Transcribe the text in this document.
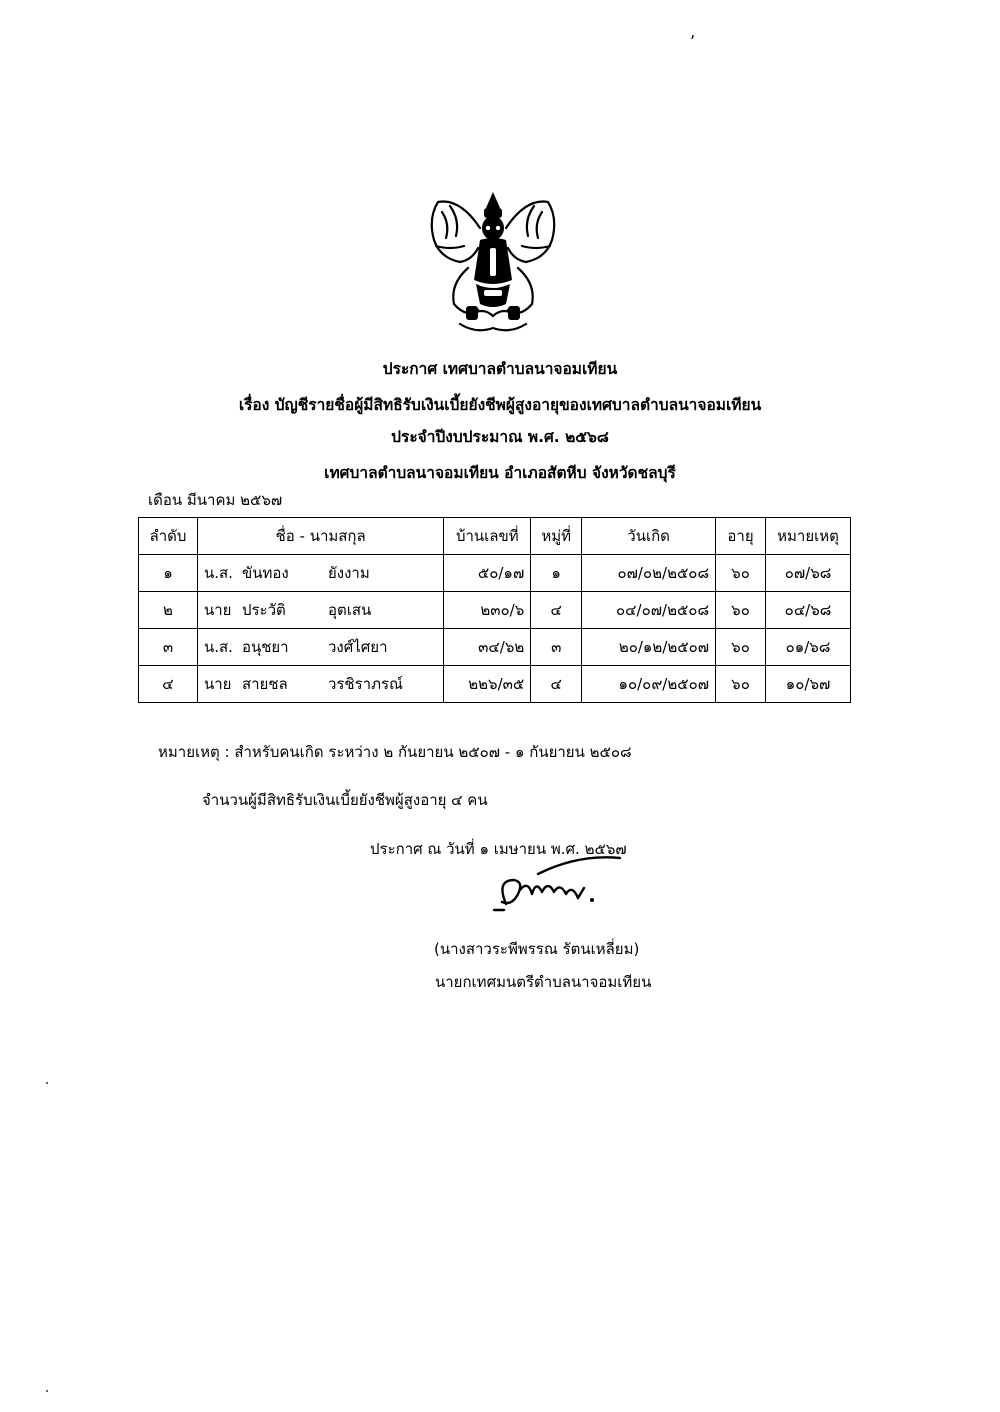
ʼ
ประกาศ เทศบาลตำบลนาจอมเทียน
เรื่อง บัญชีรายชื่อผู้มีสิทธิรับเงินเบี้ยยังชีพผู้สูงอายุของเทศบาลตำบลนาจอมเทียน
ประจำปีงบประมาณ พ.ศ. ๒๕๖๘
เทศบาลตำบลนาจอมเทียน อำเภอสัตหีบ จังหวัดชลบุรี
เดือน มีนาคม ๒๕๖๗
ลำดับ	ชื่อ - นามสกุล	บ้านเลขที่	หมู่ที่	วันเกิด	อายุ	หมายเหตุ
๑	น.ส. ขันทอง ยังงาม	๕๐/๑๗	๑	๐๗/๐๒/๒๕๐๘	๖๐	๐๗/๖๘
๒	นาย ประวัติ อุตเสน	๒๓๐/๖	๔	๐๔/๐๗/๒๕๐๘	๖๐	๐๔/๖๘
๓	น.ส. อนุชยา วงศ์ไศยา	๓๔/๖๒	๓	๒๐/๑๒/๒๕๐๗	๖๐	๐๑/๖๘
๔	นาย สายชล วรชิราภรณ์	๒๒๖/๓๕	๔	๑๐/๐๙/๒๕๐๗	๖๐	๑๐/๖๗
หมายเหตุ : สำหรับคนเกิด ระหว่าง ๒ กันยายน ๒๕๐๗ - ๑ กันยายน ๒๕๐๘
จำนวนผู้มีสิทธิรับเงินเบี้ยยังชีพผู้สูงอายุ ๔ คน
ประกาศ ณ วันที่ ๑ เมษายน พ.ศ. ๒๕๖๗
(นางสาวระพีพรรณ รัตนเหลี่ยม)
นายกเทศมนตรีตำบลนาจอมเทียน
